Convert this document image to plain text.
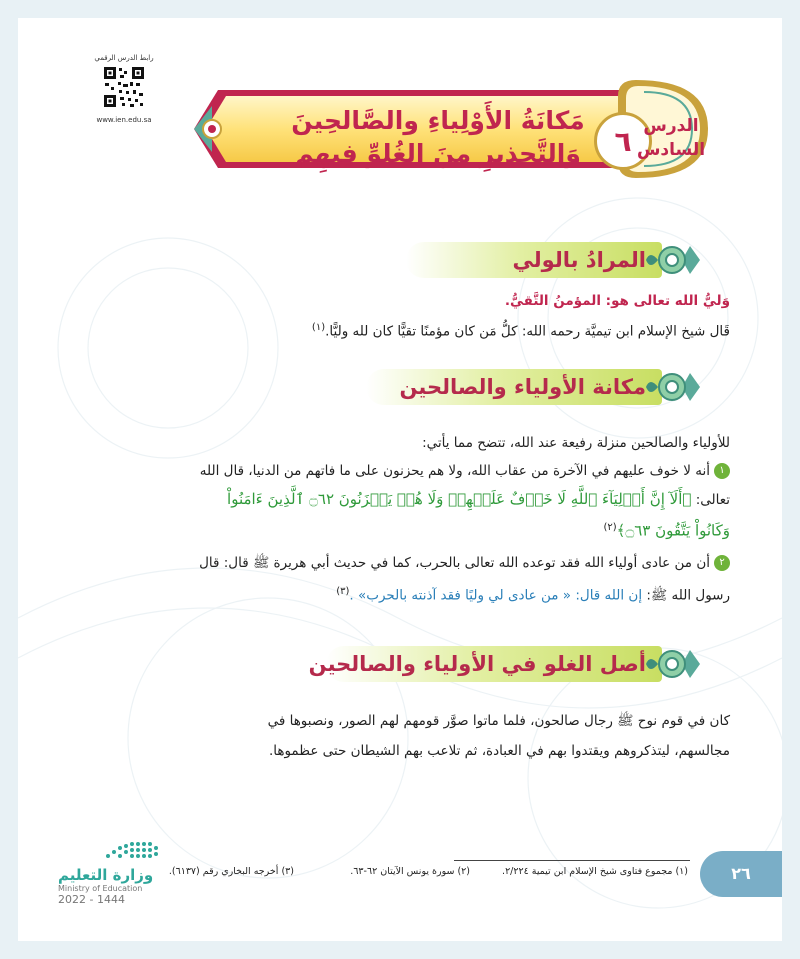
رابط الدرس الرقمي
www.ien.edu.sa	مَكانَةُ الأَوْلِياءِ والصَّالحِينَ
وَالتَّحذِيرِ مِنَ الغُلوِّ فِيهِم	٦ الدرس
السادس
المرادُ بالولي
وَليُّ الله تعالى هو: المؤمنُ التَّقيُّ.
قَال شيخ الإسلام ابن تيميَّة رحمه الله: كلُّ مَن كان مؤمنًا تقيًّا كان لله وليًّا.$^{(١)}$
مكانة الأولياء والصالحين
للأولياء والصالحين منزلة رفيعة عند الله، تتضح مما يأتي:
١أنه لا خوف عليهم في الآخرة من عقاب الله، ولا هم يحزنون على ما فاتهم من الدنيا، قال الله
تعالى: ﴿أَلَآ إِنَّ أَوۡلِيَآءَ ٱللَّهِ لَا خَوۡفٌ عَلَيۡهِمۡ وَلَا هُمۡ يَحۡزَنُونَ ۝٦٢ ٱلَّذِينَ ءَامَنُواْ
وَكَانُواْ يَتَّقُونَ ۝٦٣﴾$^{(٢)}$
٢أن من عادى أولياء الله فقد توعده الله تعالى بالحرب، كما في حديث أبي هريرة ﷺ قال: قال
رسول الله ﷺ: إن الله قال: « من عادى لي وليًا فقد آذنته بالحرب» .$^{(٣)}$
أصل الغلو في الأولياء والصالحين
كان في قوم نوح ﷺ رجال صالحون، فلما ماتوا صوَّر قومهم لهم الصور، ونصبوها في
مجالسهم، ليتذكروهم ويقتدوا بهم في العبادة، ثم تلاعب بهم الشيطان حتى عظموها.
(١) مجموع فتاوى شيخ الإسلام ابن تيمية ٢/٢٢٤.
(٢) سورة يونس الآيتان ٦٢-٦٣.
(٣) أخرجه البخاري رقم (٦١٣٧).	٢٦
وزارة التعليم
Ministry of Education
2022 - 1444
